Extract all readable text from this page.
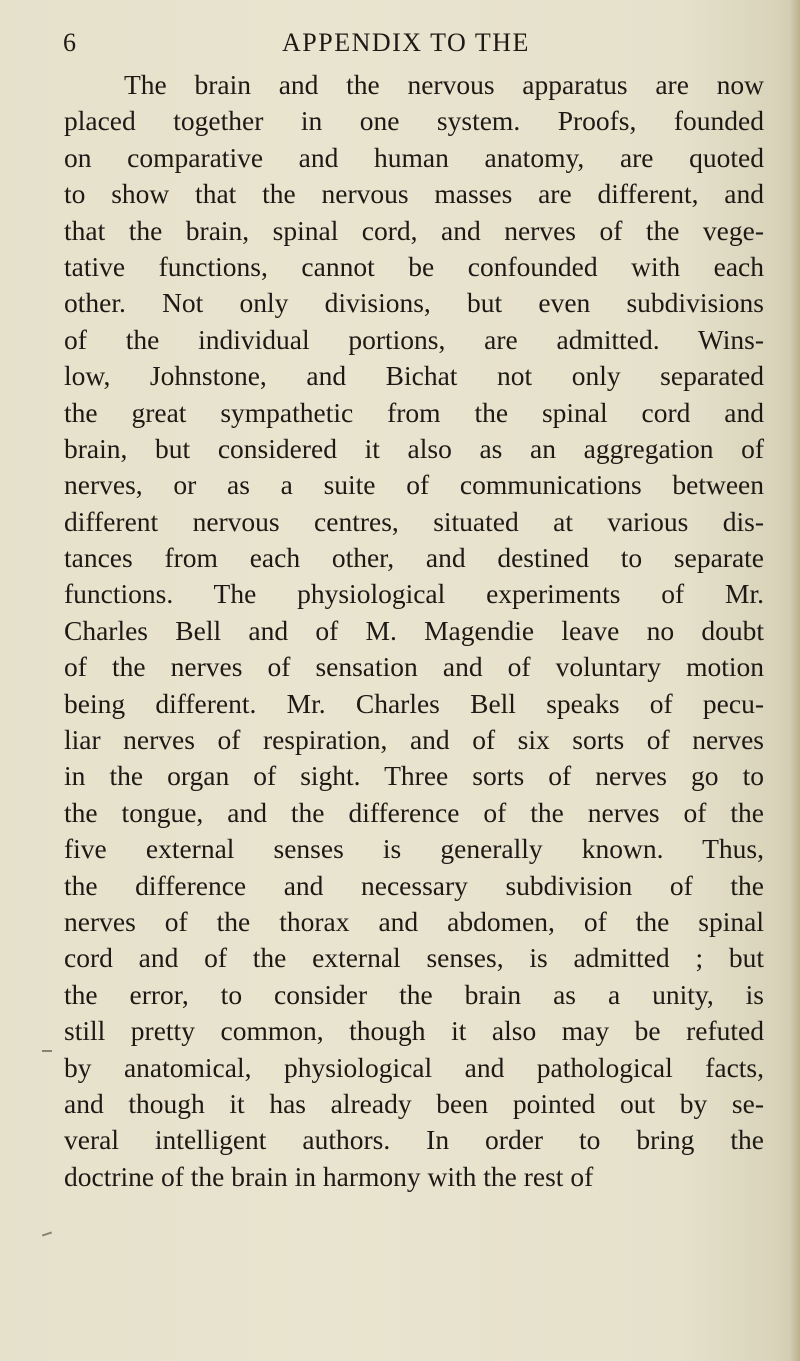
6	APPENDIX TO THE
The brain and the nervous apparatus are now
placed together in one system. Proofs, founded
on comparative and human anatomy, are quoted
to show that the nervous masses are different, and
that the brain, spinal cord, and nerves of the vege-
tative functions, cannot be confounded with each
other. Not only divisions, but even subdivisions
of the individual portions, are admitted. Wins-
low, Johnstone, and Bichat not only separated
the great sympathetic from the spinal cord and
brain, but considered it also as an aggregation of
nerves, or as a suite of communications between
different nervous centres, situated at various dis-
tances from each other, and destined to separate
functions. The physiological experiments of Mr.
Charles Bell and of M. Magendie leave no doubt
of the nerves of sensation and of voluntary motion
being different. Mr. Charles Bell speaks of pecu-
liar nerves of respiration, and of six sorts of nerves
in the organ of sight. Three sorts of nerves go to
the tongue, and the difference of the nerves of the
five external senses is generally known. Thus,
the difference and necessary subdivision of the
nerves of the thorax and abdomen, of the spinal
cord and of the external senses, is admitted ; but
the error, to consider the brain as a unity, is
still pretty common, though it also may be refuted
by anatomical, physiological and pathological facts,
and though it has already been pointed out by se-
veral intelligent authors. In order to bring the
doctrine of the brain in harmony with the rest of
